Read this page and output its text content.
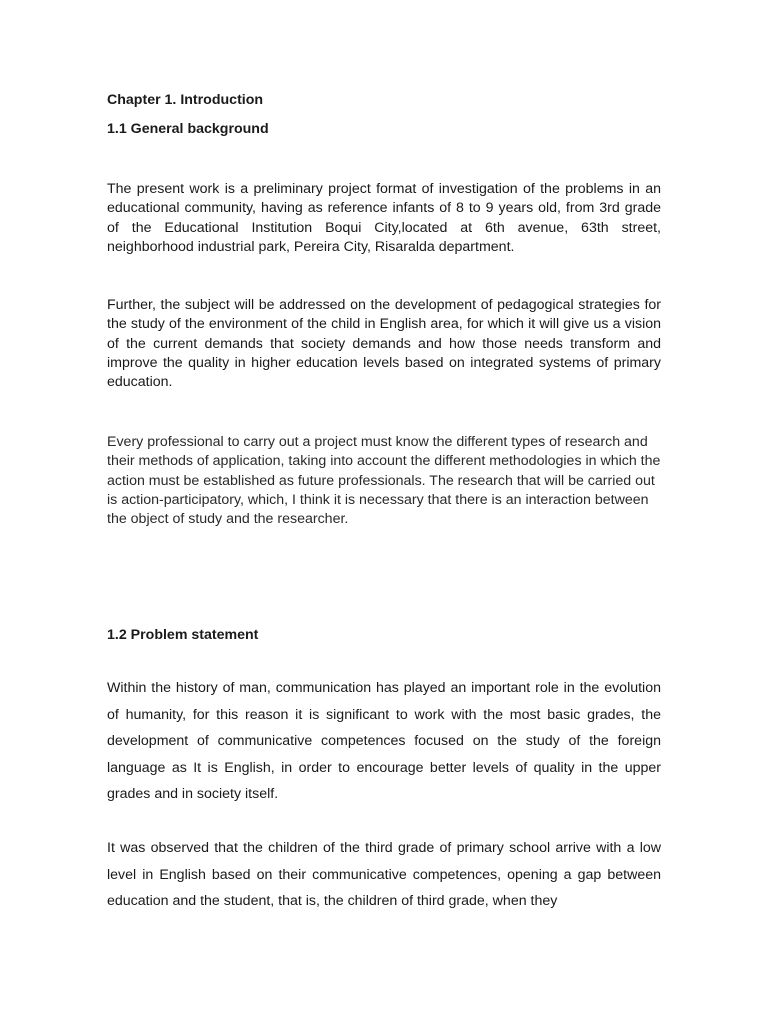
Chapter 1. Introduction
1.1 General background

The present work is a preliminary project format of investigation of the problems in an educational community, having as reference infants of 8 to 9 years old, from 3rd grade of the Educational Institution Boqui City,located at 6th avenue, 63th street, neighborhood industrial park, Pereira City, Risaralda department.

Further, the subject will be addressed on the development of pedagogical strategies for the study of the environment of the child in English area, for which it will give us a vision of the current demands that society demands and how those needs transform and improve the quality in higher education levels based on integrated systems of primary education.

Every professional to carry out a project must know the different types of research and their methods of application, taking into account the different methodologies in which the action must be established as future professionals. The research that will be carried out is action-participatory, which, I think it is necessary that there is an interaction between the object of study and the researcher.

1.2 Problem statement

Within the history of man, communication has played an important role in the evolution of humanity, for this reason it is significant to work with the most basic grades, the development of communicative competences focused on the study of the foreign language as It is English, in order to encourage better levels of quality in the upper grades and in society itself.

It was observed that the children of the third grade of primary school arrive with a low level in English based on their communicative competences, opening a gap between education and the student, that is, the children of third grade, when they
